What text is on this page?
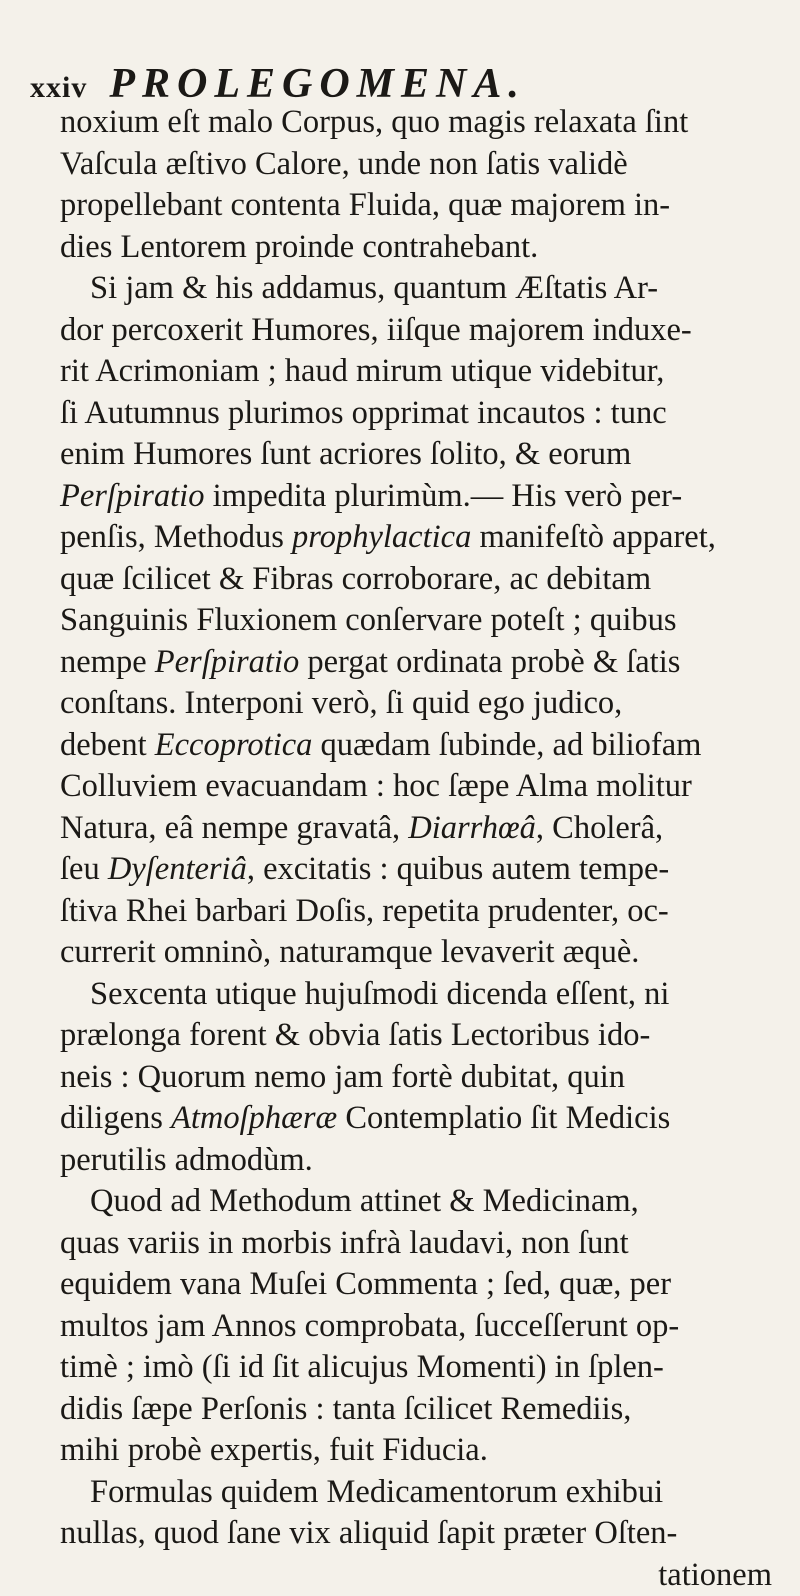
xxiv PROLEGOMENA.
noxium eſt malo Corpus, quo magis relaxata ſint
Vaſcula æſtivo Calore, unde non ſatis validè
propellebant contenta Fluida, quæ majorem in-
dies Lentorem proinde contrahebant.
Si jam & his addamus, quantum Æſtatis Ar-
dor percoxerit Humores, iiſque majorem induxe-
rit Acrimoniam ; haud mirum utique videbitur,
ſi Autumnus plurimos opprimat incautos : tunc
enim Humores ſunt acriores ſolito, & eorum
Perſpiratio impedita plurimùm.— His verò per-
penſis, Methodus prophylactica manifeſtò apparet,
quæ ſcilicet & Fibras corroborare, ac debitam
Sanguinis Fluxionem conſervare poteſt ; quibus
nempe Perſpiratio pergat ordinata probè & ſatis
conſtans. Interponi verò, ſi quid ego judico,
debent Eccoprotica quædam ſubinde, ad biliofam
Colluviem evacuandam : hoc ſæpe Alma molitur
Natura, eâ nempe gravatâ, Diarrhœâ, Cholerâ,
ſeu Dyſenteriâ, excitatis : quibus autem tempe-
ſtiva Rhei barbari Doſis, repetita prudenter, oc-
currerit omninò, naturamque levaverit æquè.
Sexcenta utique hujuſmodi dicenda eſſent, ni
prælonga forent & obvia ſatis Lectoribus ido-
neis : Quorum nemo jam fortè dubitat, quin
diligens Atmoſphæræ Contemplatio ſit Medicis
perutilis admodùm.
Quod ad Methodum attinet & Medicinam,
quas variis in morbis infrà laudavi, non ſunt
equidem vana Muſei Commenta ; ſed, quæ, per
multos jam Annos comprobata, ſucceſſerunt op-
timè ; imò (ſi id ſit alicujus Momenti) in ſplen-
didis ſæpe Perſonis : tanta ſcilicet Remediis,
mihi probè expertis, fuit Fiducia.
Formulas quidem Medicamentorum exhibui
nullas, quod ſane vix aliquid ſapit præter Oſten-
tationem
